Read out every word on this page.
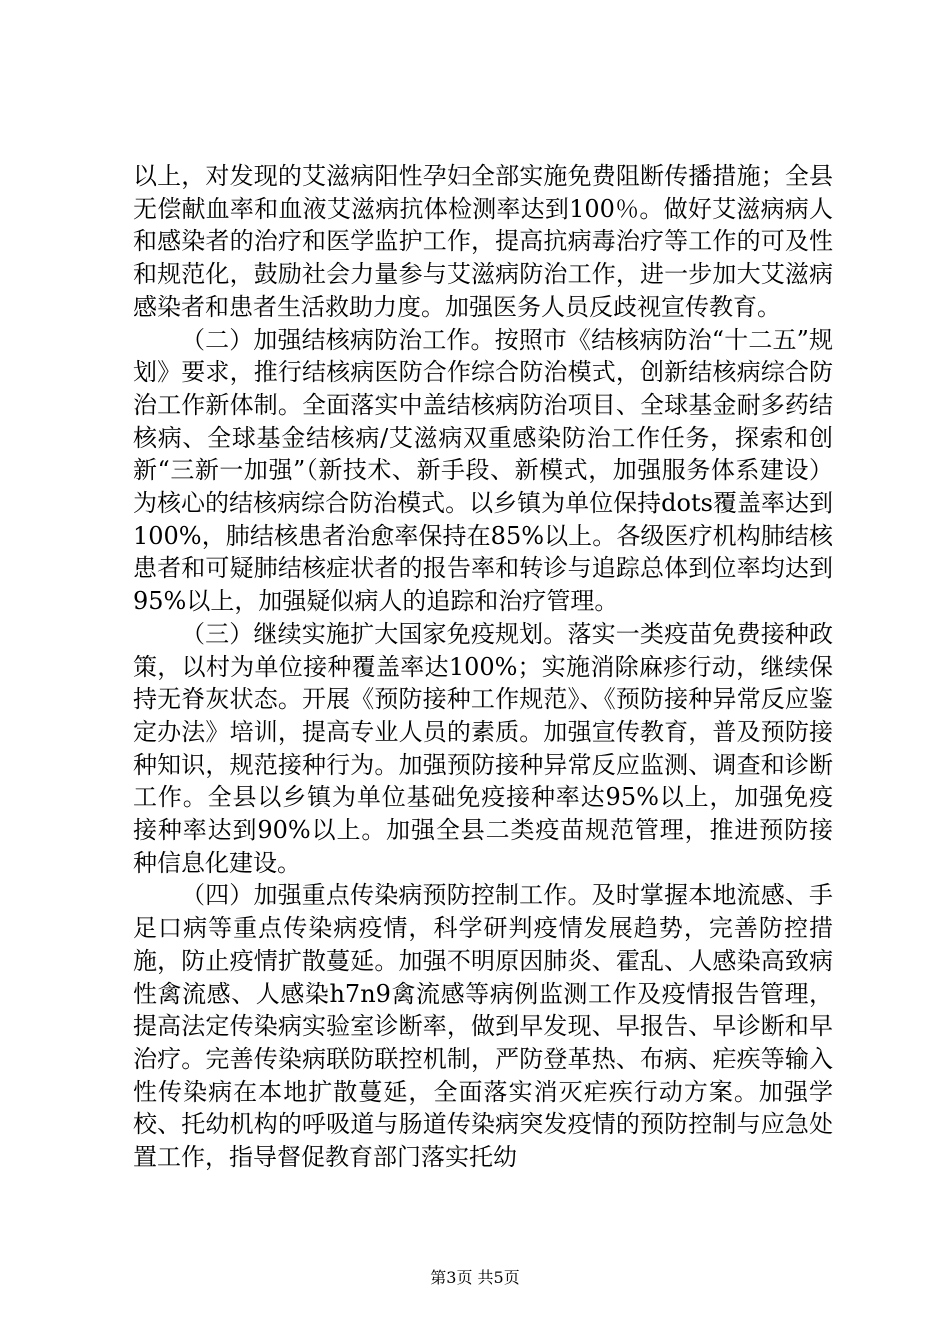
以上，对发现的艾滋病阳性孕妇全部实施免费阻断传播措施；全县无偿献血率和血液艾滋病抗体检测率达到100％。做好艾滋病病人和感染者的治疗和医学监护工作，提高抗病毒治疗等工作的可及性和规范化，鼓励社会力量参与艾滋病防治工作，进一步加大艾滋病感染者和患者生活救助力度。加强医务人员反歧视宣传教育。

（二）加强结核病防治工作。按照市《结核病防治“十二五”规划》要求，推行结核病医防合作综合防治模式，创新结核病综合防治工作新体制。全面落实中盖结核病防治项目、全球基金耐多药结核病、全球基金结核病/艾滋病双重感染防治工作任务，探索和创新“三新一加强”（新技术、新手段、新模式，加强服务体系建设）为核心的结核病综合防治模式。以乡镇为单位保持dots覆盖率达到100%，肺结核患者治愈率保持在85%以上。各级医疗机构肺结核患者和可疑肺结核症状者的报告率和转诊与追踪总体到位率均达到95%以上，加强疑似病人的追踪和治疗管理。

（三）继续实施扩大国家免疫规划。落实一类疫苗免费接种政策，以村为单位接种覆盖率达100%；实施消除麻疹行动，继续保持无脊灰状态。开展《预防接种工作规范》、《预防接种异常反应鉴定办法》培训，提高专业人员的素质。加强宣传教育，普及预防接种知识，规范接种行为。加强预防接种异常反应监测、调查和诊断工作。全县以乡镇为单位基础免疫接种率达95%以上，加强免疫接种率达到90%以上。加强全县二类疫苗规范管理，推进预防接种信息化建设。

（四）加强重点传染病预防控制工作。及时掌握本地流感、手足口病等重点传染病疫情，科学研判疫情发展趋势，完善防控措施，防止疫情扩散蔓延。加强不明原因肺炎、霍乱、人感染高致病性禽流感、人感染h7n9禽流感等病例监测工作及疫情报告管理，提高法定传染病实验室诊断率，做到早发现、早报告、早诊断和早治疗。完善传染病联防联控机制，严防登革热、布病、疟疾等输入性传染病在本地扩散蔓延，全面落实消灭疟疾行动方案。加强学校、托幼机构的呼吸道与肠道传染病突发疫情的预防控制与应急处置工作，指导督促教育部门落实托幼

第3页 共5页
